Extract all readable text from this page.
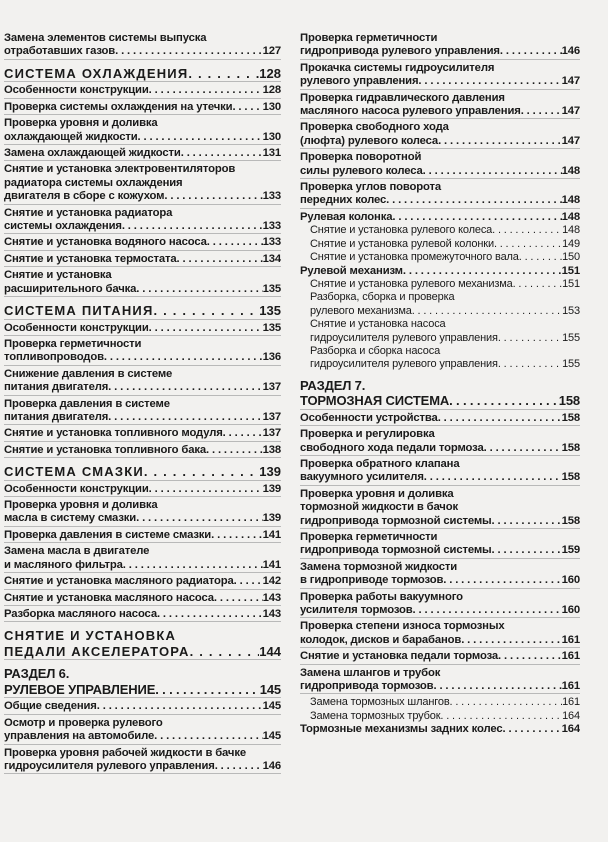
Замена элементов системы выпуска
отработавших газов . . .	127
СИСТЕМА ОХЛАЖДЕНИЯ . . .	128
Особенности конструкции . . .	128
Проверка системы охлаждения на утечки . . .	130
Проверка уровня и доливка
охлаждающей жидкости . . .	130
Замена охлаждающей жидкости . . .	131
Снятие и установка электровентиляторов
радиатора системы охлаждения
двигателя в сборе с кожухом . . .	133
Снятие и установка радиатора
системы охлаждения . . .	133
Снятие и установка водяного насоса . . .	133
Снятие и установка термостата . . .	134
Снятие и установка
расширительного бачка . . .	135
СИСТЕМА ПИТАНИЯ . . .	135
Особенности конструкции . . .	135
Проверка герметичности
топливопроводов . . .	136
Снижение давления в системе
питания двигателя . . .	137
Проверка давления в системе
питания двигателя . . .	137
Снятие и установка топливного модуля . . .	137
Снятие и установка топливного бака . . .	138
СИСТЕМА СМАЗКИ . . .	139
Особенности конструкции . . .	139
Проверка уровня и доливка
масла в систему смазки . . .	139
Проверка давления в системе смазки . . .	141
Замена масла в двигателе
и масляного фильтра . . .	141
Снятие и установка масляного радиатора . . .	142
Снятие и установка масляного насоса . . .	143
Разборка масляного насоса . . .	143
СНЯТИЕ И УСТАНОВКА
ПЕДАЛИ АКСЕЛЕРАТОРА . . .	144
РАЗДЕЛ 6.
РУЛЕВОЕ УПРАВЛЕНИЕ . . .	145
Общие сведения . . .	145
Осмотр и проверка рулевого
управления на автомобиле . . .	145
Проверка уровня рабочей жидкости в бачке
гидроусилителя рулевого управления . . .	146
Проверка герметичности
гидропривода рулевого управления . . .	146
Прокачка системы гидроусилителя
рулевого управления . . .	147
Проверка гидравлического давления
масляного насоса рулевого управления . . .	147
Проверка свободного хода
(люфта) рулевого колеса . . .	147
Проверка поворотной
силы рулевого колеса . . .	148
Проверка углов поворота
передних колес . . .	148
Рулевая колонка . . .	148
Снятие и установка рулевого колеса . . .	148
Снятие и установка рулевой колонки . . .	149
Снятие и установка промежуточного вала . . .	150
Рулевой механизм . . .	151
Снятие и установка рулевого механизма . . .	151
Разборка, сборка и проверка
рулевого механизма . . .	153
Снятие и установка насоса
гидроусилителя рулевого управления . . .	155
Разборка и сборка насоса
гидроусилителя рулевого управления . . .	155
РАЗДЕЛ 7.
ТОРМОЗНАЯ СИСТЕМА . . .	158
Особенности устройства . . .	158
Проверка и регулировка
свободного хода педали тормоза . . .	158
Проверка обратного клапана
вакуумного усилителя . . .	158
Проверка уровня и доливка
тормозной жидкости в бачок
гидропривода тормозной системы . . .	158
Проверка герметичности
гидропривода тормозной системы . . .	159
Замена тормозной жидкости
в гидроприводе тормозов . . .	160
Проверка работы вакуумного
усилителя тормозов . . .	160
Проверка степени износа тормозных
колодок, дисков и барабанов . . .	161
Снятие и установка педали тормоза . . .	161
Замена шлангов и трубок
гидропривода тормозов . . .	161
Замена тормозных шлангов . . .	161
Замена тормозных трубок . . .	164
Тормозные механизмы задних колес . . .	164
